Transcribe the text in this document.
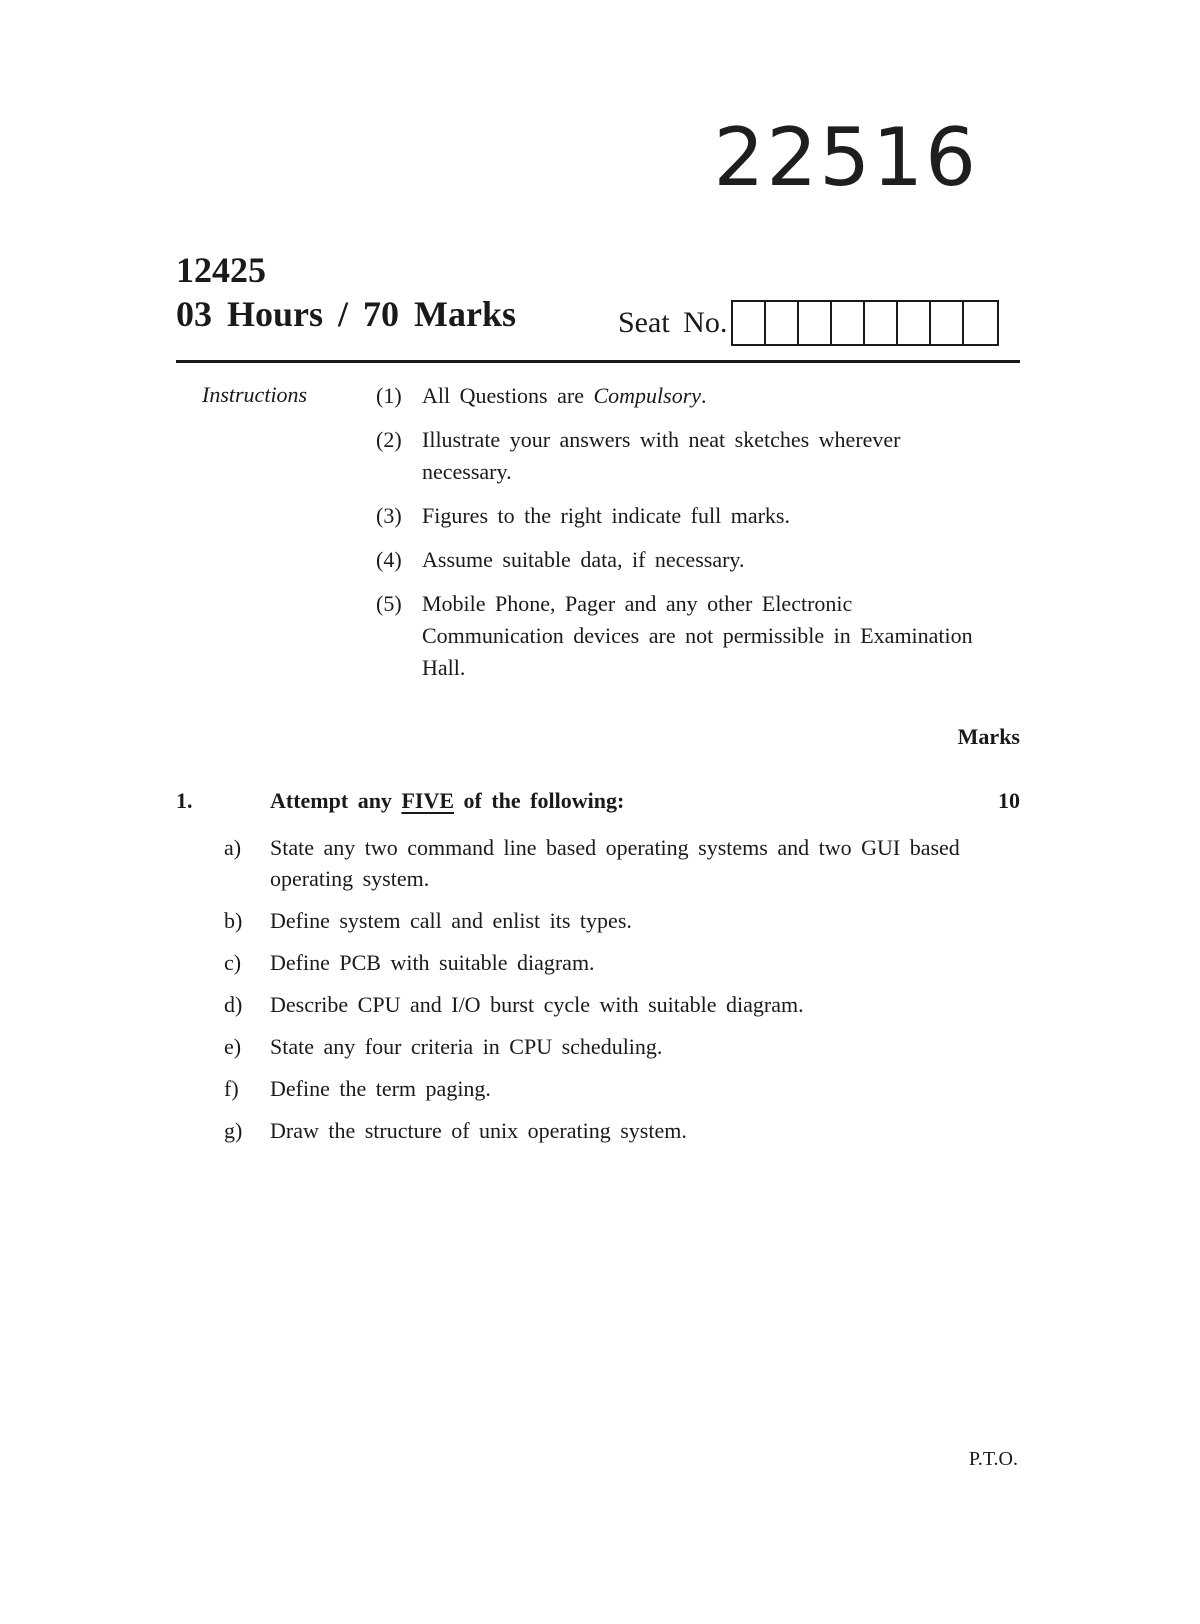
22516
12425
03 Hours / 70 Marks	Seat No.
Instructions	(1) All Questions are Compulsory.
(2) Illustrate your answers with neat sketches wherever necessary.
(3) Figures to the right indicate full marks.
(4) Assume suitable data, if necessary.
(5) Mobile Phone, Pager and any other Electronic Communication devices are not permissible in Examination Hall.
Marks
1.	Attempt any FIVE of the following:	10
a)	State any two command line based operating systems and two GUI based operating system.
b)	Define system call and enlist its types.
c)	Define PCB with suitable diagram.
d)	Describe CPU and I/O burst cycle with suitable diagram.
e)	State any four criteria in CPU scheduling.
f)	Define the term paging.
g)	Draw the structure of unix operating system.
P.T.O.
